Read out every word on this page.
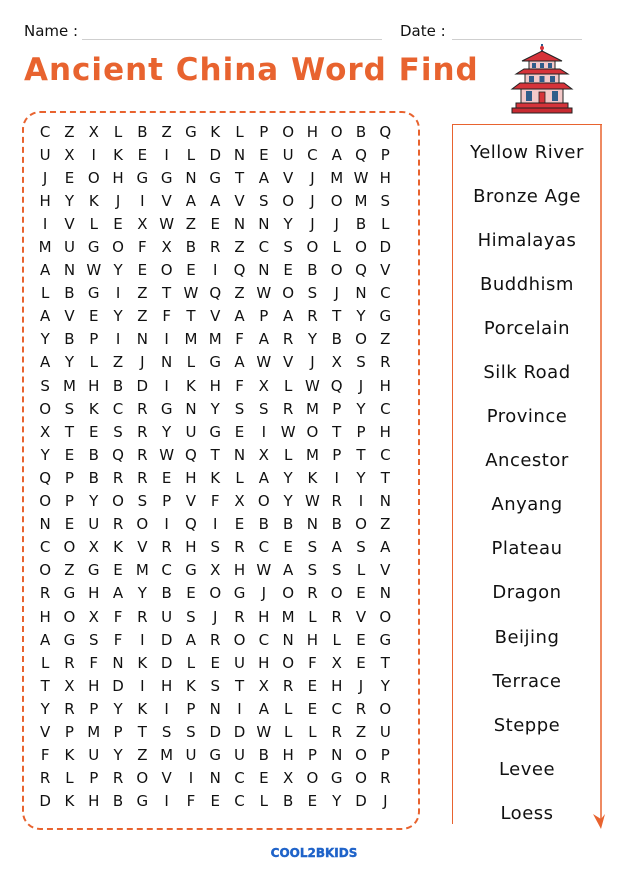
Name :	Date :
Ancient China Word Find
C Z X L B Z G K	L	P O H O B Q
U X	I	K E	I	L D N E U C A Q P
J	E O H G G N G T A V	J	M W H
H Y K	J	I	V A A V S O	J	O M S
I	V L	E X W Z E N N Y	J	J	B L
M U G O F X B R Z C S O L O D
A N W Y E O E	I	Q N E B O Q V
L B G	I	Z T W Q Z W O S	J	N C
A V E Y Z F	T V A P A R T	Y G
Y B P	I	N	I	M M F A R Y B O Z
A Y	L Z	J	N L G A W V	J	X S R
S M H B D	I	K H F X L W Q	J	H
O S K C R G N Y S S R M P	Y C
X T E S R Y U G E	I W O T	P H
Y E B Q R W Q T N X L M P	T C
Q P B R R E H K	L A Y K	I	Y	T
O P	Y O S	P V F X O Y W R	I	N
N E U R O	I	Q	I	E B B N B O Z
C O X K V R H S R C E S A S A
O Z G E M C G X H W A S S	L V
R G H A Y B E O G	J	O R O E N
H O X F R U S	J	R H M L R V O
A G S	F	I	D A R O C N H L	E G
L R F N K D L	E U H O F X E T
T X H D	I	H K S T X R E H	J	Y
Y R P	Y K	I	P N	I	A L	E C R O
V P M P	T S S D D W L	L R Z U
F	K U Y Z M U G U B H P N O P
R L	P R O V	I	N C E X O G O R
D K H B G	I	F	E C L B E Y D	J
Yellow River
Bronze Age
Himalayas
Buddhism
Porcelain
Silk Road
Province
Ancestor
Anyang
Plateau
Dragon
Beijing
Terrace
Steppe
Levee
Loess
COOL2BKIDS
